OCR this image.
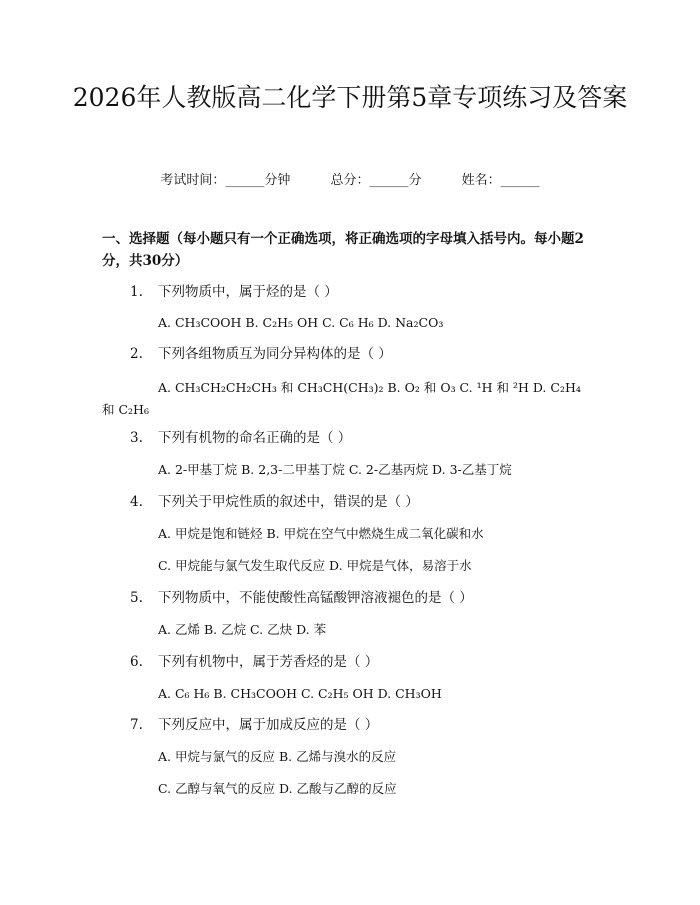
2026年人教版高二化学下册第5章专项练习及答案
考试时间：______分钟	总分：______分	姓名：______
一、选择题（每小题只有一个正确选项，将正确选项的字母填入括号内。每小题2分，共30分）
1. 下列物质中，属于烃的是（ ）
A. CH₃COOH B. C₂H₅ OH C. C₆ H₆ D. Na₂CO₃
2. 下列各组物质互为同分异构体的是（ ）
A. CH₃CH₂CH₂CH₃ 和 CH₃CH(CH₃)₂ B. O₂ 和 O₃ C. ¹H 和 ²H D. C₂H₄ 和 C₂H₆
3. 下列有机物的命名正确的是（ ）
A. 2-甲基丁烷 B. 2,3-二甲基丁烷 C. 2-乙基丙烷 D. 3-乙基丁烷
4. 下列关于甲烷性质的叙述中，错误的是（ ）
A. 甲烷是饱和链烃 B. 甲烷在空气中燃烧生成二氧化碳和水
C. 甲烷能与氯气发生取代反应 D. 甲烷是气体，易溶于水
5. 下列物质中，不能使酸性高锰酸钾溶液褪色的是（ ）
A. 乙烯 B. 乙烷 C. 乙炔 D. 苯
6. 下列有机物中，属于芳香烃的是（ ）
A. C₆ H₆ B. CH₃COOH C. C₂H₅ OH D. CH₃OH
7. 下列反应中，属于加成反应的是（ ）
A. 甲烷与氯气的反应 B. 乙烯与溴水的反应
C. 乙醇与氧气的反应 D. 乙酸与乙醇的反应
